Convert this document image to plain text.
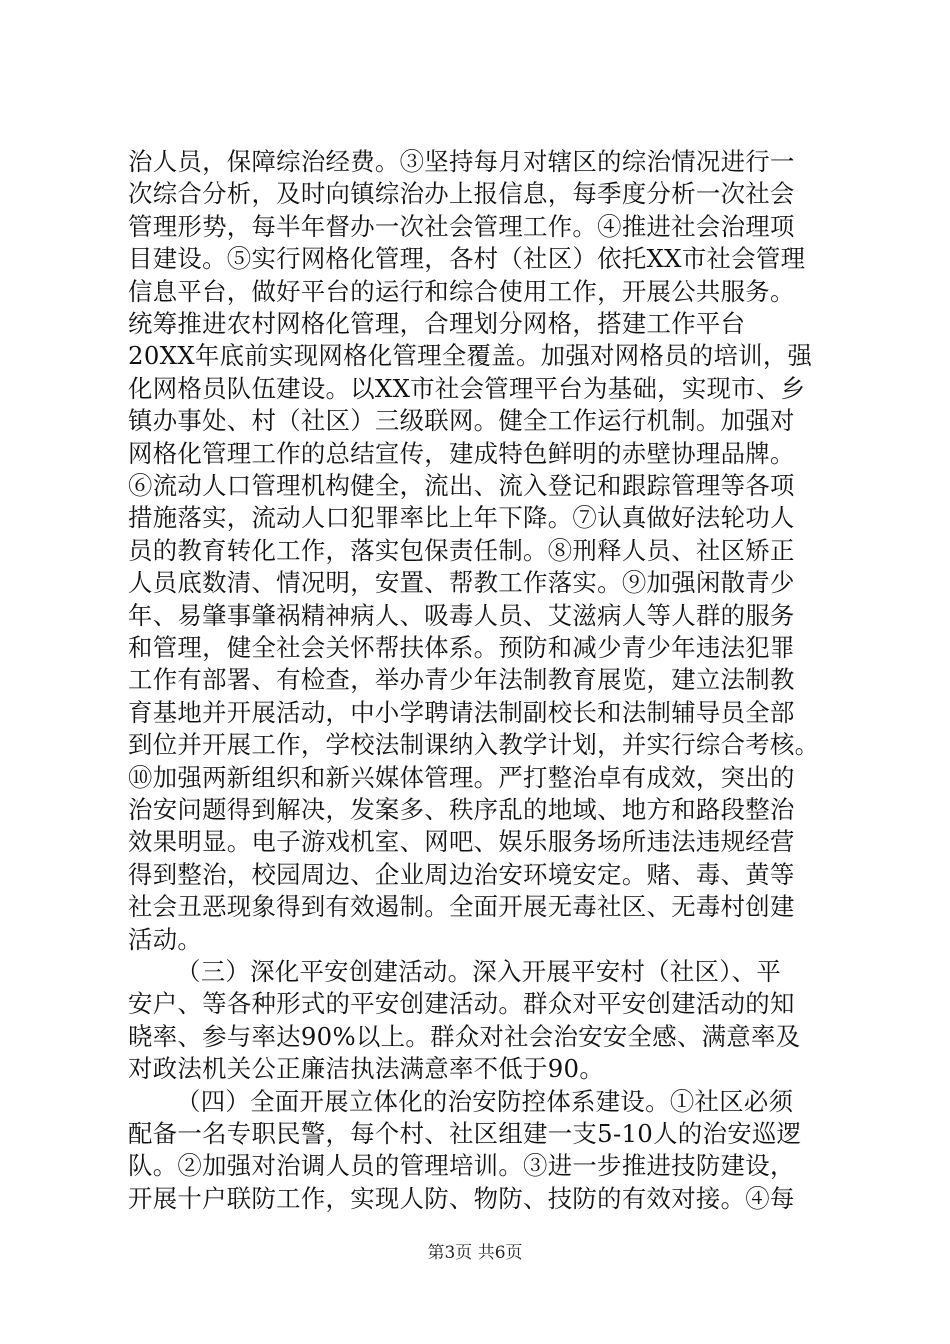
治人员，保障综治经费。③坚持每月对辖区的综治情况进行一
次综合分析，及时向镇综治办上报信息，每季度分析一次社会
管理形势，每半年督办一次社会管理工作。④推进社会治理项
目建设。⑤实行网格化管理，各村（社区）依托XX市社会管理
信息平台，做好平台的运行和综合使用工作，开展公共服务。
统筹推进农村网格化管理，合理划分网格，搭建工作平台
20XX年底前实现网格化管理全覆盖。加强对网格员的培训，强
化网格员队伍建设。以XX市社会管理平台为基础，实现市、乡
镇办事处、村（社区）三级联网。健全工作运行机制。加强对
网格化管理工作的总结宣传，建成特色鲜明的赤壁协理品牌。
⑥流动人口管理机构健全，流出、流入登记和跟踪管理等各项
措施落实，流动人口犯罪率比上年下降。⑦认真做好法轮功人
员的教育转化工作，落实包保责任制。⑧刑释人员、社区矫正
人员底数清、情况明，安置、帮教工作落实。⑨加强闲散青少
年、易肇事肇祸精神病人、吸毒人员、艾滋病人等人群的服务
和管理，健全社会关怀帮扶体系。预防和减少青少年违法犯罪
工作有部署、有检查，举办青少年法制教育展览，建立法制教
育基地并开展活动，中小学聘请法制副校长和法制辅导员全部
到位并开展工作，学校法制课纳入教学计划，并实行综合考核。
⑩加强两新组织和新兴媒体管理。严打整治卓有成效，突出的
治安问题得到解决，发案多、秩序乱的地域、地方和路段整治
效果明显。电子游戏机室、网吧、娱乐服务场所违法违规经营
得到整治，校园周边、企业周边治安环境安定。赌、毒、黄等
社会丑恶现象得到有效遏制。全面开展无毒社区、无毒村创建
活动。
（三）深化平安创建活动。深入开展平安村（社区）、平
安户、等各种形式的平安创建活动。群众对平安创建活动的知
晓率、参与率达90%以上。群众对社会治安安全感、满意率及
对政法机关公正廉洁执法满意率不低于90。
（四）全面开展立体化的治安防控体系建设。①社区必须
配备一名专职民警，每个村、社区组建一支5-10人的治安巡逻
队。②加强对治调人员的管理培训。③进一步推进技防建设，
开展十户联防工作，实现人防、物防、技防的有效对接。④每
第3页 共6页
